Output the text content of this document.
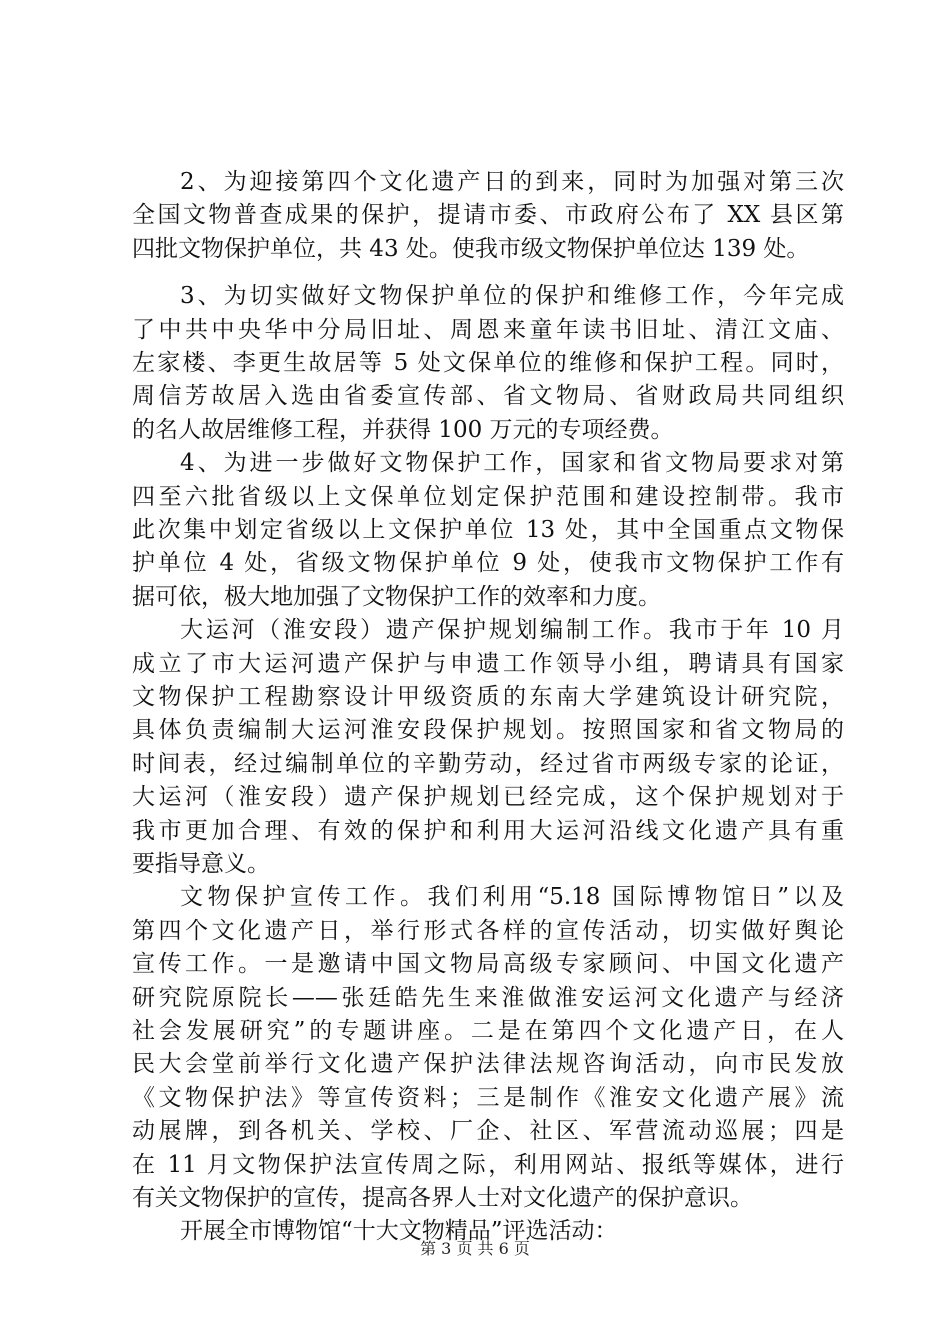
2、为迎接第四个文化遗产日的到来，同时为加强对第三次
全国文物普查成果的保护，提请市委、市政府公布了 XX 县区第
四批文物保护单位，共 43 处。使我市级文物保护单位达 139 处。
3、为切实做好文物保护单位的保护和维修工作，今年完成
了中共中央华中分局旧址、周恩来童年读书旧址、清江文庙、
左家楼、李更生故居等 5 处文保单位的维修和保护工程。同时，
周信芳故居入选由省委宣传部、省文物局、省财政局共同组织
的名人故居维修工程，并获得 100 万元的专项经费。
4、为进一步做好文物保护工作，国家和省文物局要求对第
四至六批省级以上文保单位划定保护范围和建设控制带。我市
此次集中划定省级以上文保护单位 13 处，其中全国重点文物保
护单位 4 处，省级文物保护单位 9 处，使我市文物保护工作有
据可依，极大地加强了文物保护工作的效率和力度。
大运河（淮安段）遗产保护规划编制工作。我市于年 10 月
成立了市大运河遗产保护与申遗工作领导小组，聘请具有国家
文物保护工程勘察设计甲级资质的东南大学建筑设计研究院，
具体负责编制大运河淮安段保护规划。按照国家和省文物局的
时间表，经过编制单位的辛勤劳动，经过省市两级专家的论证，
大运河（淮安段）遗产保护规划已经完成，这个保护规划对于
我市更加合理、有效的保护和利用大运河沿线文化遗产具有重
要指导意义。
文物保护宣传工作。我们利用“5.18 国际博物馆日”以及
第四个文化遗产日，举行形式各样的宣传活动，切实做好舆论
宣传工作。一是邀请中国文物局高级专家顾问、中国文化遗产
研究院原院长——张廷皓先生来淮做淮安运河文化遗产与经济
社会发展研究”的专题讲座。二是在第四个文化遗产日，在人
民大会堂前举行文化遗产保护法律法规咨询活动，向市民发放
《文物保护法》等宣传资料；三是制作《淮安文化遗产展》流
动展牌，到各机关、学校、厂企、社区、军营流动巡展；四是
在 11 月文物保护法宣传周之际，利用网站、报纸等媒体，进行
有关文物保护的宣传，提高各界人士对文化遗产的保护意识。
开展全市博物馆“十大文物精品”评选活动：
第 3 页 共 6 页
